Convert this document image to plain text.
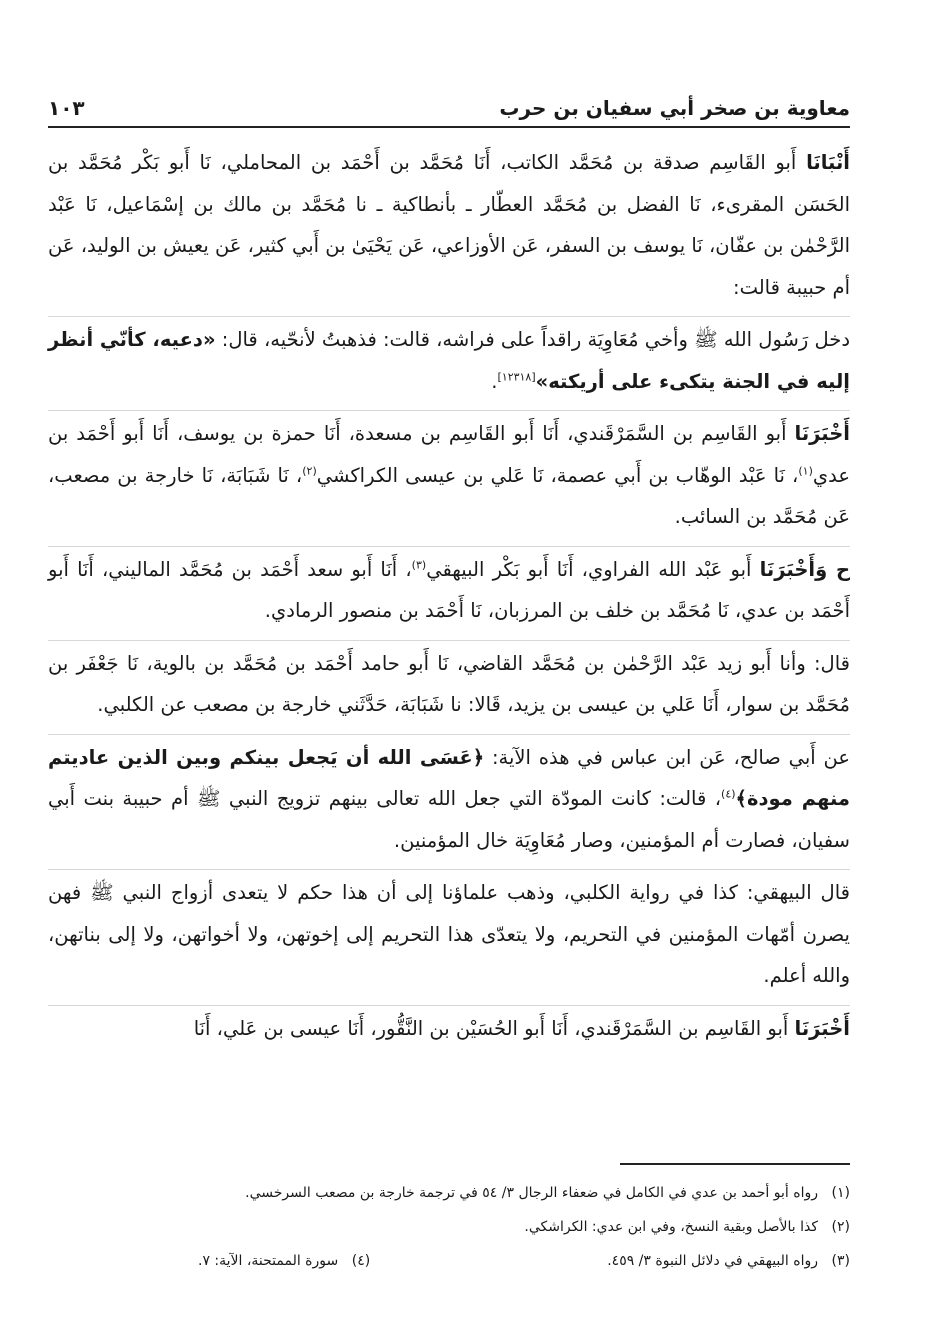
معاوية بن صخر أبي سفيان بن حرب
١٠٣

أَنْبَانَا أَبو القَاسِم صدقة بن مُحَمَّد الكاتب، أَنَا مُحَمَّد بن أَحْمَد بن المحاملي، نَا أَبو بَكْر مُحَمَّد بن الحَسَن المقرىء، نَا الفضل بن مُحَمَّد العطّار ـ بأنطاكية ـ نا مُحَمَّد بن مالك بن إسْمَاعيل، نَا عَبْد الرَّحْمٰن بن عفّان، نَا يوسف بن السفر، عَن الأوزاعي، عَن يَحْيَىٰ بن أَبي كثير، عَن يعيش بن الوليد، عَن أم حبيبة قالت:

دخل رَسُول الله ﷺ وأخي مُعَاوِيَة راقداً على فراشه، قالت: فذهبتُ لأنحّيه، قال: «دعيه، كأنّي أنظر إليه في الجنة يتكىء على أريكته»[١٢٣١٨].

أَخْبَرَنَا أَبو القَاسِم بن السَّمَرْقَندي، أَنَا أَبو القَاسِم بن مسعدة، أَنَا حمزة بن يوسف، أَنَا أَبو أَحْمَد بن عدي$^{(١)}$، نَا عَبْد الوهّاب بن أَبي عصمة، نَا عَلي بن عيسى الكراكشي$^{(٢)}$، نَا شَبَابَة، نَا خارجة بن مصعب، عَن مُحَمَّد بن السائب.

ح وَأَخْبَرَنَا أَبو عَبْد الله الفراوي، أَنَا أَبو بَكْر البيهقي$^{(٣)}$، أَنَا أَبو سعد أَحْمَد بن مُحَمَّد الماليني، أَنَا أَبو أَحْمَد بن عدي، نَا مُحَمَّد بن خلف بن المرزبان، نَا أَحْمَد بن منصور الرمادي.

قال: وأنا أَبو زيد عَبْد الرَّحْمٰن بن مُحَمَّد القاضي، نَا أَبو حامد أَحْمَد بن مُحَمَّد بن بالوية، نَا جَعْفَر بن مُحَمَّد بن سوار، أَنَا عَلي بن عيسى بن يزيد، قَالا: نا شَبَابَة، حَدَّثَني خارجة بن مصعب عن الكلبي.

عن أَبي صالح، عَن ابن عباس في هذه الآية: ﴿عَسَى الله أن يَجعل بينكم وبين الذين عاديتم منهم مودة﴾$^{(٤)}$، قالت: كانت المودّة التي جعل الله تعالى بينهم تزويج النبي ﷺ أم حبيبة بنت أَبي سفيان، فصارت أم المؤمنين، وصار مُعَاوِيَة خال المؤمنين.

قال البيهقي: كذا في رواية الكلبي، وذهب علماؤنا إلى أن هذا حكم لا يتعدى أزواج النبي ﷺ فهن يصرن أمّهات المؤمنين في التحريم، ولا يتعدّى هذا التحريم إلى إخوتهن، ولا أخواتهن، ولا إلى بناتهن، والله أعلم.

أَخْبَرَنَا أَبو القَاسِم بن السَّمَرْقَندي، أَنَا أَبو الحُسَيْن بن النَّقُّور، أَنَا عيسى بن عَلي، أَنَا

(١)
رواه أبو أحمد بن عدي في الكامل في ضعفاء الرجال ٣/ ٥٤ في ترجمة خارجة بن مصعب السرخسي.
(٢)
كذا بالأصل وبقية النسخ، وفي ابن عدي: الكراشكي.
(٣)
رواه البيهقي في دلائل النبوة ٣/ ٤٥٩.
(٤)
سورة الممتحنة، الآية: ٧.
